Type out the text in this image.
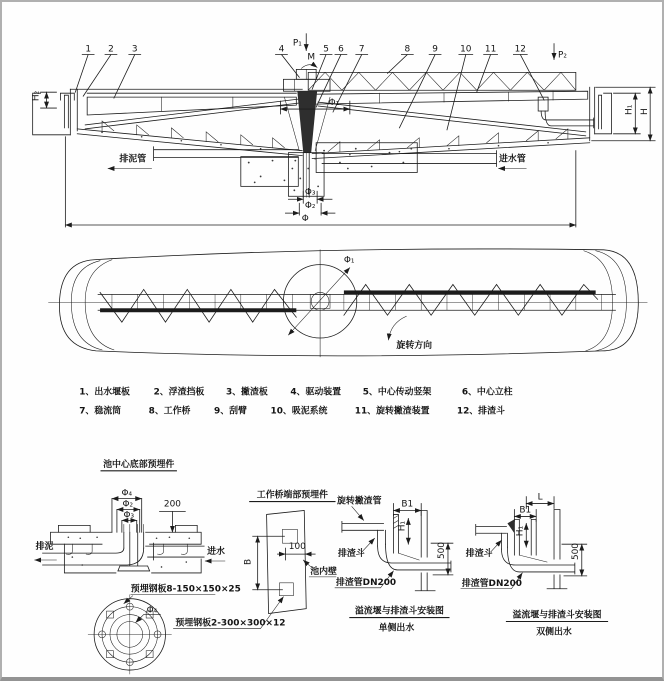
1 2 3	4	5 6 7	8 9 10 11 12
P₁
M	P₂
H₂
排泥管	进水管
Φ₁
Φ₃
Φ₂
Φ
H₁ H
Φ₁
旋转方向
1、出水堰板	2、浮渣挡板 3、撇渣板	4、驱动装置 5、中心传动竖架	6、中心立柱
7、稳流筒	8、工作桥	9、刮臂	10、吸泥系统	11、旋转撇渣装置	12、排渣斗
池中心底部预埋件
Φ₄
Φ₂
Φ₃
200
排泥	进水
预埋钢板8-150×150×25
Φ₄
工作桥端部预埋件
B
100
池内壁
预埋钢板2-300×300×12
旋转撇渣管 B1
H₁
500
排渣斗
排渣管DN200
溢流堰与排渣斗安装图
单侧出水
L
B1
H₁
500
排渣斗
排渣管DN200
溢流堰与排渣斗安装图
双侧出水
